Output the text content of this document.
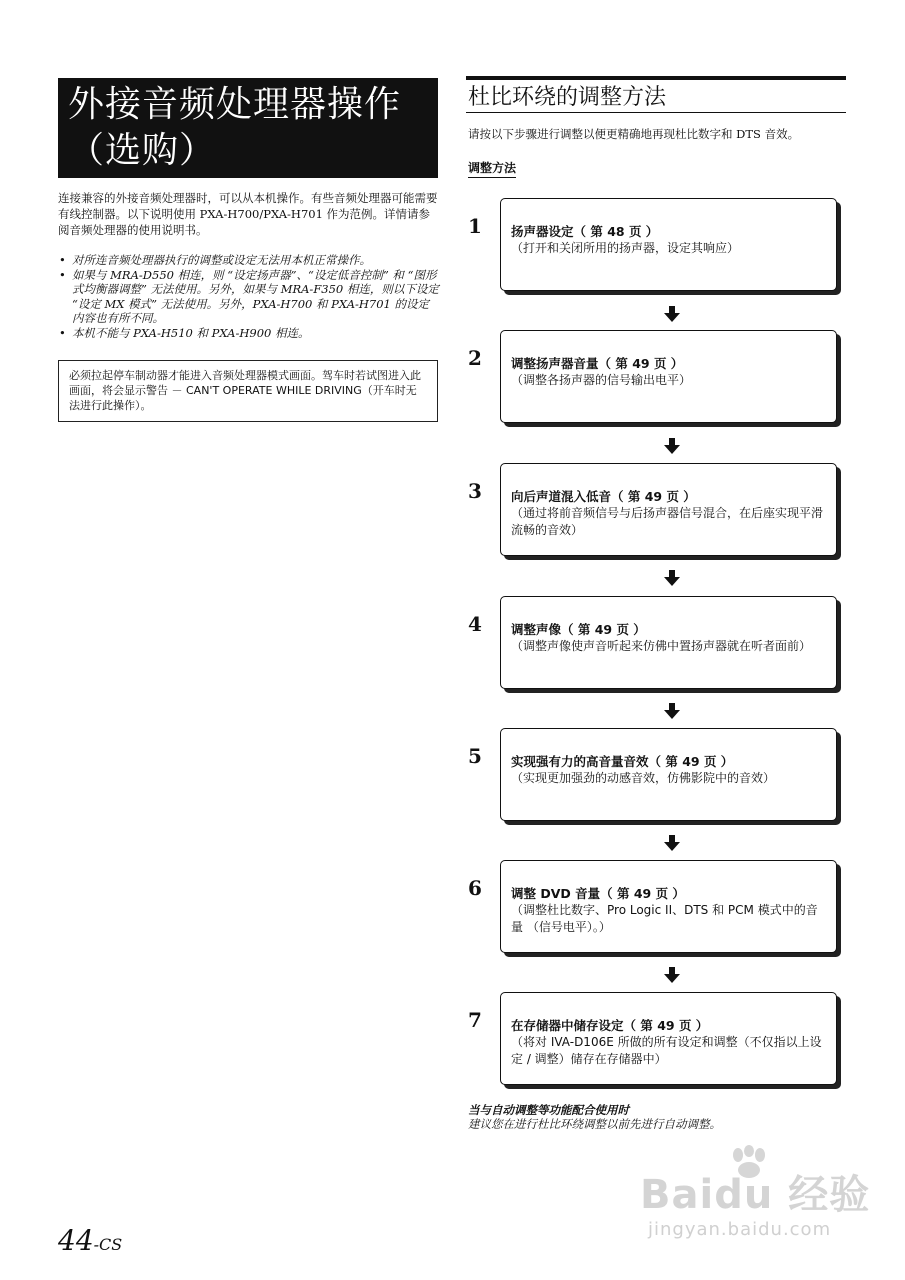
外接音频处理器操作
（选购）
连接兼容的外接音频处理器时，可以从本机操作。有些音频处理器可能需要有线控制器。以下说明使用 PXA-H700/PXA-H701 作为范例。详情请参阅音频处理器的使用说明书。
• 对所连音频处理器执行的调整或设定无法用本机正常操作。
• 如果与 MRA-D550 相连，则 “设定扬声器”、“设定低音控制” 和 “图形式均衡器调整” 无法使用。另外，如果与 MRA-F350 相连，则以下设定 “设定 MX 模式” 无法使用。另外，PXA-H700 和 PXA-H701 的设定内容也有所不同。
• 本机不能与 PXA-H510 和 PXA-H900 相连。
必须拉起停车制动器才能进入音频处理器模式画面。驾车时若试图进入此画面，将会显示警告 － CAN'T OPERATE WHILE DRIVING（开车时无法进行此操作）。
44-CS
杜比环绕的调整方法
请按以下步骤进行调整以便更精确地再现杜比数字和 DTS 音效。
调整方法
1 扬声器设定（ 第 48 页 ）
（打开和关闭所用的扬声器，设定其响应）
2 调整扬声器音量（ 第 49 页 ）
（调整各扬声器的信号输出电平）
3 向后声道混入低音（ 第 49 页 ）
（通过将前音频信号与后扬声器信号混合，在后座实现平滑流畅的音效）
4 调整声像（ 第 49 页 ）
（调整声像使声音听起来仿佛中置扬声器就在听者面前）
5 实现强有力的高音量音效（ 第 49 页 ）
（实现更加强劲的动感音效，仿佛影院中的音效）
6 调整 DVD 音量（ 第 49 页 ）
（调整杜比数字、Pro Logic II、DTS 和 PCM 模式中的音量 （信号电平）。）
7 在存储器中储存设定（ 第 49 页 ）
（将对 IVA-D106E 所做的所有设定和调整（不仅指以上设定 / 调整）储存在存储器中）
当与自动调整等功能配合使用时
建议您在进行杜比环绕调整以前先进行自动调整。
Baidu 经验
jingyan.baidu.com
